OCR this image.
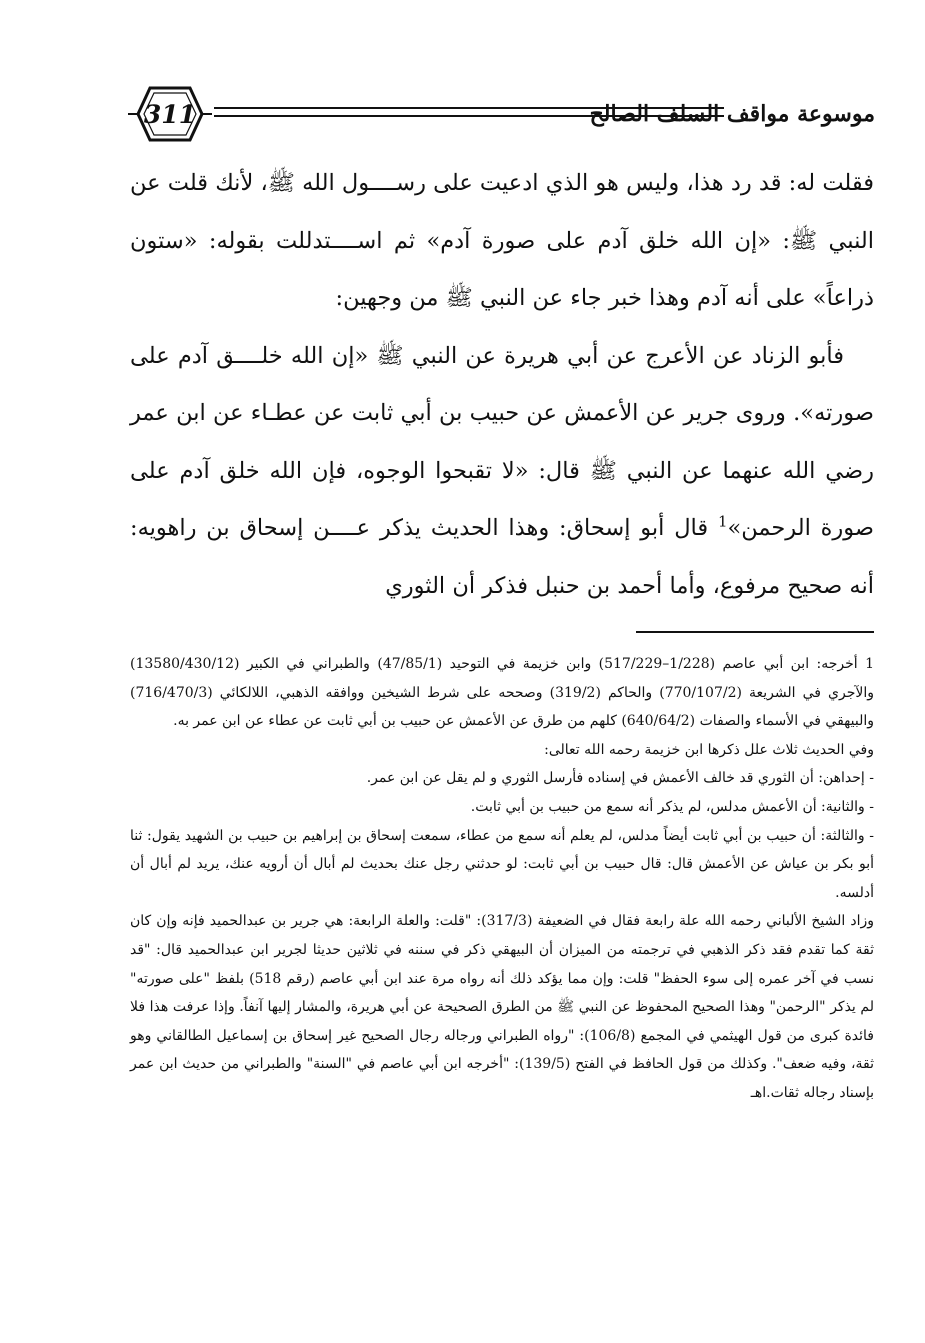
311	موسوعة مواقف السلف الصالح

فقلت له: قد رد هذا، وليس هو الذي ادعيت على رســــول الله ﷺ، لأنك قلت عن النبي ﷺ: «إن الله خلق آدم على صورة آدم» ثم اســــتدللت بقوله: «ستون ذراعاً» على أنه آدم وهذا خبر جاء عن النبي ﷺ من وجهين:

فأبو الزناد عن الأعرج عن أبي هريرة عن النبي ﷺ «إن الله خلــــق آدم على صورته». وروى جرير عن الأعمش عن حبيب بن أبي ثابت عن عطـاء عن ابن عمر رضي الله عنهما عن النبي ﷺ قال: «لا تقبحوا الوجوه، فإن الله خلق آدم على صورة الرحمن»$^1$ قال أبو إسحاق: وهذا الحديث يذكر عــــن إسحاق بن راهويه: أنه صحيح مرفوع، وأما أحمد بن حنبل فذكر أن الثوري

1 أخرجه: ابن أبي عاصم (1/228–517/229) وابن خزيمة في التوحيد (47/85/1) والطبراني في الكبير (13580/430/12) والآجري في الشريعة (770/107/2) والحاكم (319/2) وصححه على شرط الشيخين ووافقه الذهبي، اللالكائي (716/470/3) والبيهقي في الأسماء والصفات (640/64/2) كلهم من طرق عن الأعمش عن حبيب بن أبي ثابت عن عطاء عن ابن عمر به.

وفي الحديث ثلاث علل ذكرها ابن خزيمة رحمه الله تعالى:

- إحداهن: أن الثوري قد خالف الأعمش في إسناده فأرسل الثوري و لم يقل عن ابن عمر.

- والثانية: أن الأعمش مدلس، لم يذكر أنه سمع من حبيب بن أبي ثابت.

- والثالثة: أن حبيب بن أبي ثابت أيضاً مدلس، لم يعلم أنه سمع من عطاء، سمعت إسحاق بن إبراهيم بن حبيب بن الشهيد يقول: ثنا أبو بكر بن عياش عن الأعمش قال: قال حبيب بن أبي ثابت: لو حدثني رجل عنك بحديث لم أبال أن أرويه عنك، يريد لم أبال أن أدلسه.

وزاد الشيخ الألباني رحمه الله علة رابعة فقال في الضعيفة (317/3): "قلت: والعلة الرابعة: هي جرير بن عبدالحميد فإنه وإن كان ثقة كما تقدم فقد ذكر الذهبي في ترجمته من الميزان أن البيهقي ذكر في سننه في ثلاثين حديثا لجرير ابن عبدالحميد قال: "قد نسب في آخر عمره إلى سوء الحفظ" قلت: وإن مما يؤكد ذلك أنه رواه مرة عند ابن أبي عاصم (رقم 518) بلفظ "على صورته" لم يذكر "الرحمن" وهذا الصحيح المحفوظ عن النبي ﷺ من الطرق الصحيحة عن أبي هريرة، والمشار إليها آنفاً. وإذا عرفت هذا فلا فائدة كبرى من قول الهيثمي في المجمع (106/8): "رواه الطبراني ورجاله رجال الصحيح غير إسحاق بن إسماعيل الطالقاني وهو ثقة، وفيه ضعف". وكذلك من قول الحافظ في الفتح (139/5): "أخرجه ابن أبي عاصم في "السنة" والطبراني من حديث ابن عمر بإسناد رجاله ثقات.اهـ
